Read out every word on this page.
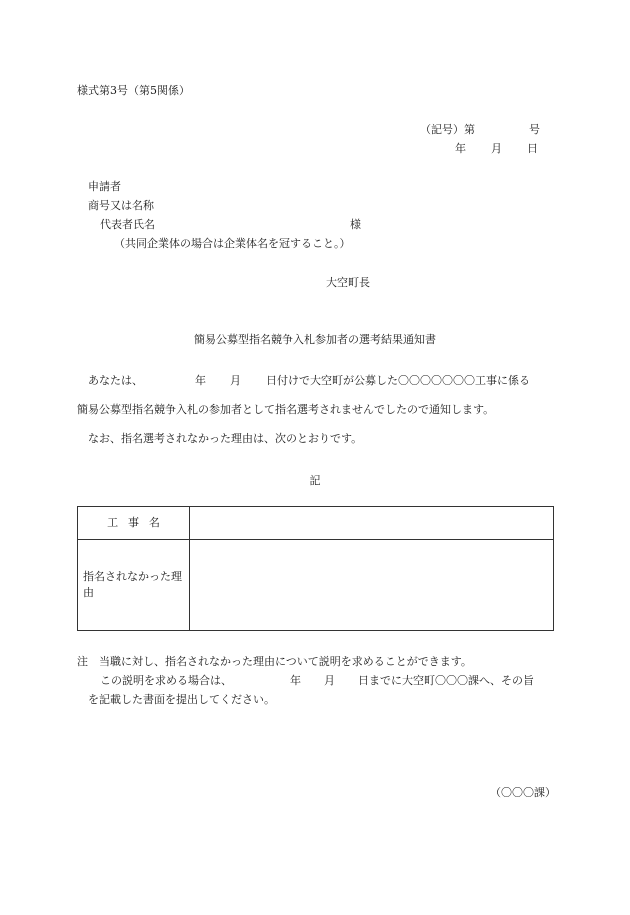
様式第3号（第5関係）
（記号）第	号
年 月 日
申請者
商号又は名称
代表者氏名	様
（共同企業体の場合は企業体名を冠すること。）
大空町長
簡易公募型指名競争入札参加者の選考結果通知書
あなたは、	年 月 日付けで大空町が公募した〇〇〇〇〇〇〇工事に係る
簡易公募型指名競争入札の参加者として指名選考されませんでしたので通知します。
なお、指名選考されなかった理由は、次のとおりです。
記
工事名
指名されなかった理由
注　当職に対し、指名されなかった理由について説明を求めることができます。
この説明を求める場合は、	年 月 日までに大空町〇〇〇課へ、その旨
を記載した書面を提出してください。
（〇〇〇課）
